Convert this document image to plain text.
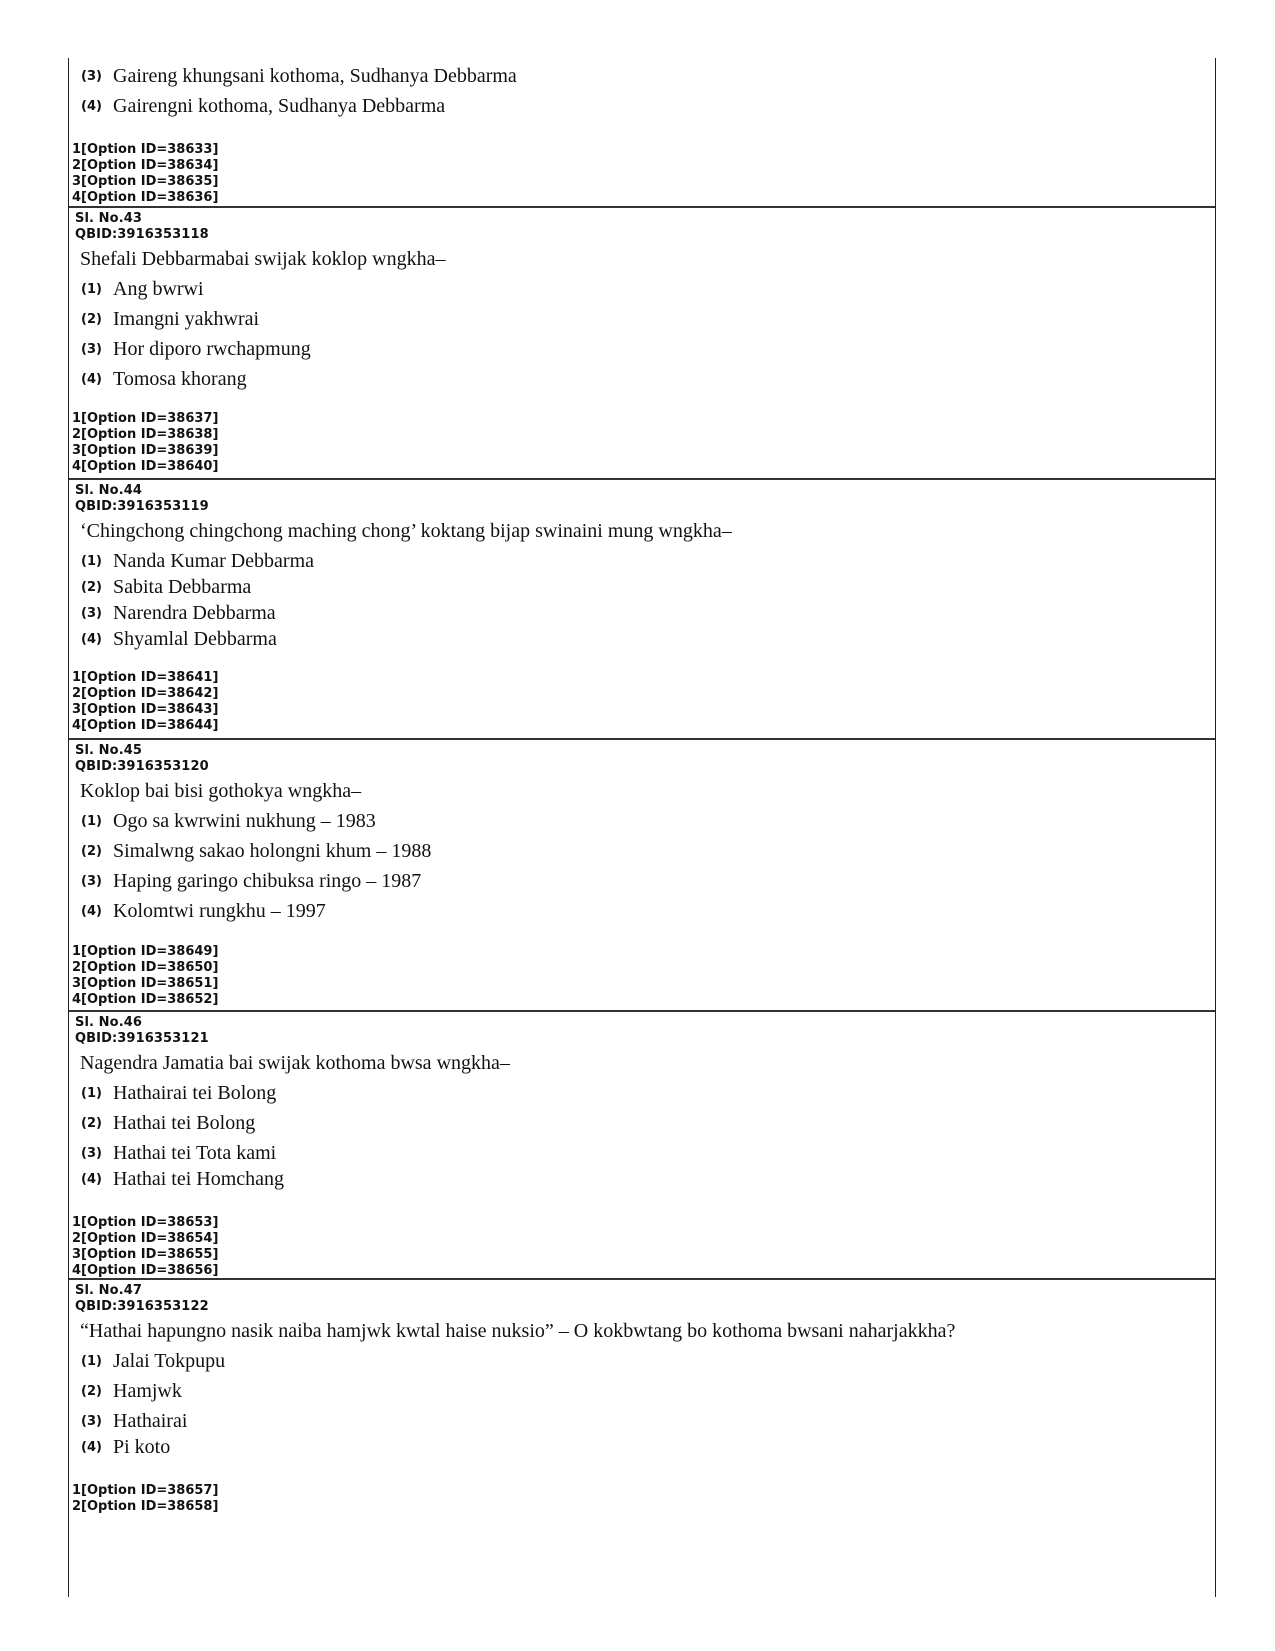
(3) Gaireng khungsani kothoma, Sudhanya Debbarma
(4) Gairengni kothoma, Sudhanya Debbarma
1[Option ID=38633]
2[Option ID=38634]
3[Option ID=38635]
4[Option ID=38636]
Sl. No.43
QBID:3916353118
Shefali Debbarmabai swijak koklop wngkha–
(1) Ang bwrwi
(2) Imangni yakhwrai
(3) Hor diporo rwchapmung
(4) Tomosa khorang
1[Option ID=38637]
2[Option ID=38638]
3[Option ID=38639]
4[Option ID=38640]
Sl. No.44
QBID:3916353119
‘Chingchong chingchong maching chong’ koktang bijap swinaini mung wngkha–
(1) Nanda Kumar Debbarma
(2) Sabita Debbarma
(3) Narendra Debbarma
(4) Shyamlal Debbarma
1[Option ID=38641]
2[Option ID=38642]
3[Option ID=38643]
4[Option ID=38644]
Sl. No.45
QBID:3916353120
Koklop bai bisi gothokya wngkha–
(1) Ogo sa kwrwini nukhung – 1983
(2) Simalwng sakao holongni khum – 1988
(3) Haping garingo chibuksa ringo – 1987
(4) Kolomtwi rungkhu – 1997
1[Option ID=38649]
2[Option ID=38650]
3[Option ID=38651]
4[Option ID=38652]
Sl. No.46
QBID:3916353121
Nagendra Jamatia bai swijak kothoma bwsa wngkha–
(1) Hathairai tei Bolong
(2) Hathai tei Bolong
(3) Hathai tei Tota kami
(4) Hathai tei Homchang
1[Option ID=38653]
2[Option ID=38654]
3[Option ID=38655]
4[Option ID=38656]
Sl. No.47
QBID:3916353122
“Hathai hapungno nasik naiba hamjwk kwtal haise nuksio” – O kokbwtang bo kothoma bwsani naharjakkha?
(1) Jalai Tokpupu
(2) Hamjwk
(3) Hathairai
(4) Pi koto
1[Option ID=38657]
2[Option ID=38658]
